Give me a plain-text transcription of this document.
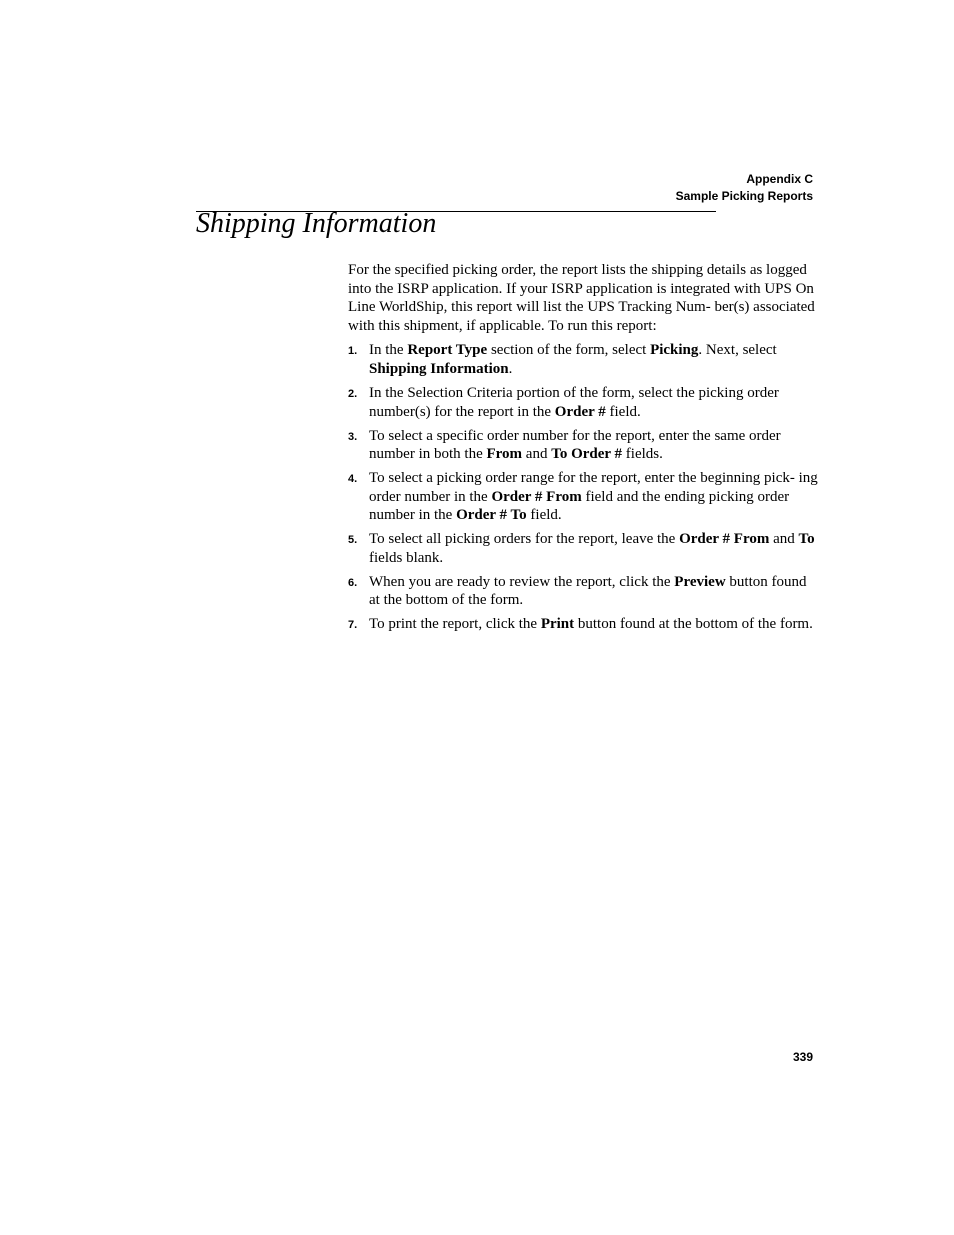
Appendix C
Sample Picking Reports
Shipping Information

For the specified picking order, the report lists the shipping details as logged into the ISRP application. If your ISRP application is integrated with UPS On Line WorldShip, this report will list the UPS Tracking Num- ber(s) associated with this shipment, if applicable. To run this report:

1. In the Report Type section of the form, select Picking. Next, select Shipping Information.
2. In the Selection Criteria portion of the form, select the picking order number(s) for the report in the Order # field.
3. To select a specific order number for the report, enter the same order number in both the From and To Order # fields.
4. To select a picking order range for the report, enter the beginning pick- ing order number in the Order # From field and the ending picking order number in the Order # To field.
5. To select all picking orders for the report, leave the Order # From and To fields blank.
6. When you are ready to review the report, click the Preview button found at the bottom of the form.
7. To print the report, click the Print button found at the bottom of the form.
339
